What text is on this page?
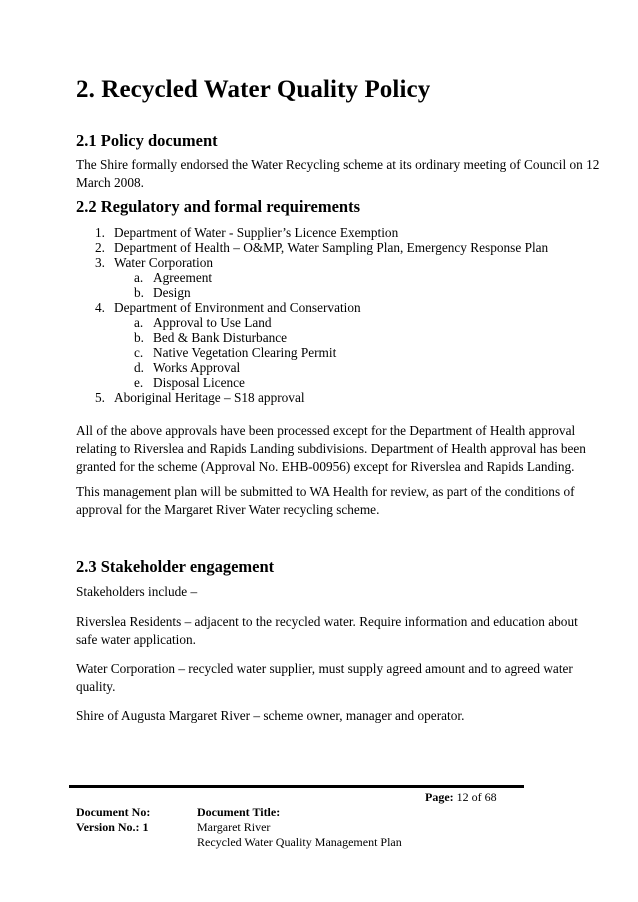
2. Recycled Water Quality Policy
2.1 Policy document
The Shire formally endorsed the Water Recycling scheme at its ordinary meeting of Council on 12
March 2008.
2.2 Regulatory and formal requirements
1. Department of Water - Supplier’s Licence Exemption
2. Department of Health – O&MP, Water Sampling Plan, Emergency Response Plan
3. Water Corporation
a. Agreement
b. Design
4. Department of Environment and Conservation
a. Approval to Use Land
b. Bed & Bank Disturbance
c. Native Vegetation Clearing Permit
d. Works Approval
e. Disposal Licence
5. Aboriginal Heritage – S18 approval
All of the above approvals have been processed except for the Department of Health approval
relating to Riverslea and Rapids Landing subdivisions. Department of Health approval has been
granted for the scheme (Approval No. EHB-00956) except for Riverslea and Rapids Landing.
This management plan will be submitted to WA Health for review, as part of the conditions of
approval for the Margaret River Water recycling scheme.
2.3 Stakeholder engagement
Stakeholders include –
Riverslea Residents – adjacent to the recycled water. Require information and education about
safe water application.
Water Corporation – recycled water supplier, must supply agreed amount and to agreed water
quality.
Shire of Augusta Margaret River – scheme owner, manager and operator.
Page: 12 of 68
Document No:
Version No.: 1
Document Title:
Margaret River
Recycled Water Quality Management Plan
